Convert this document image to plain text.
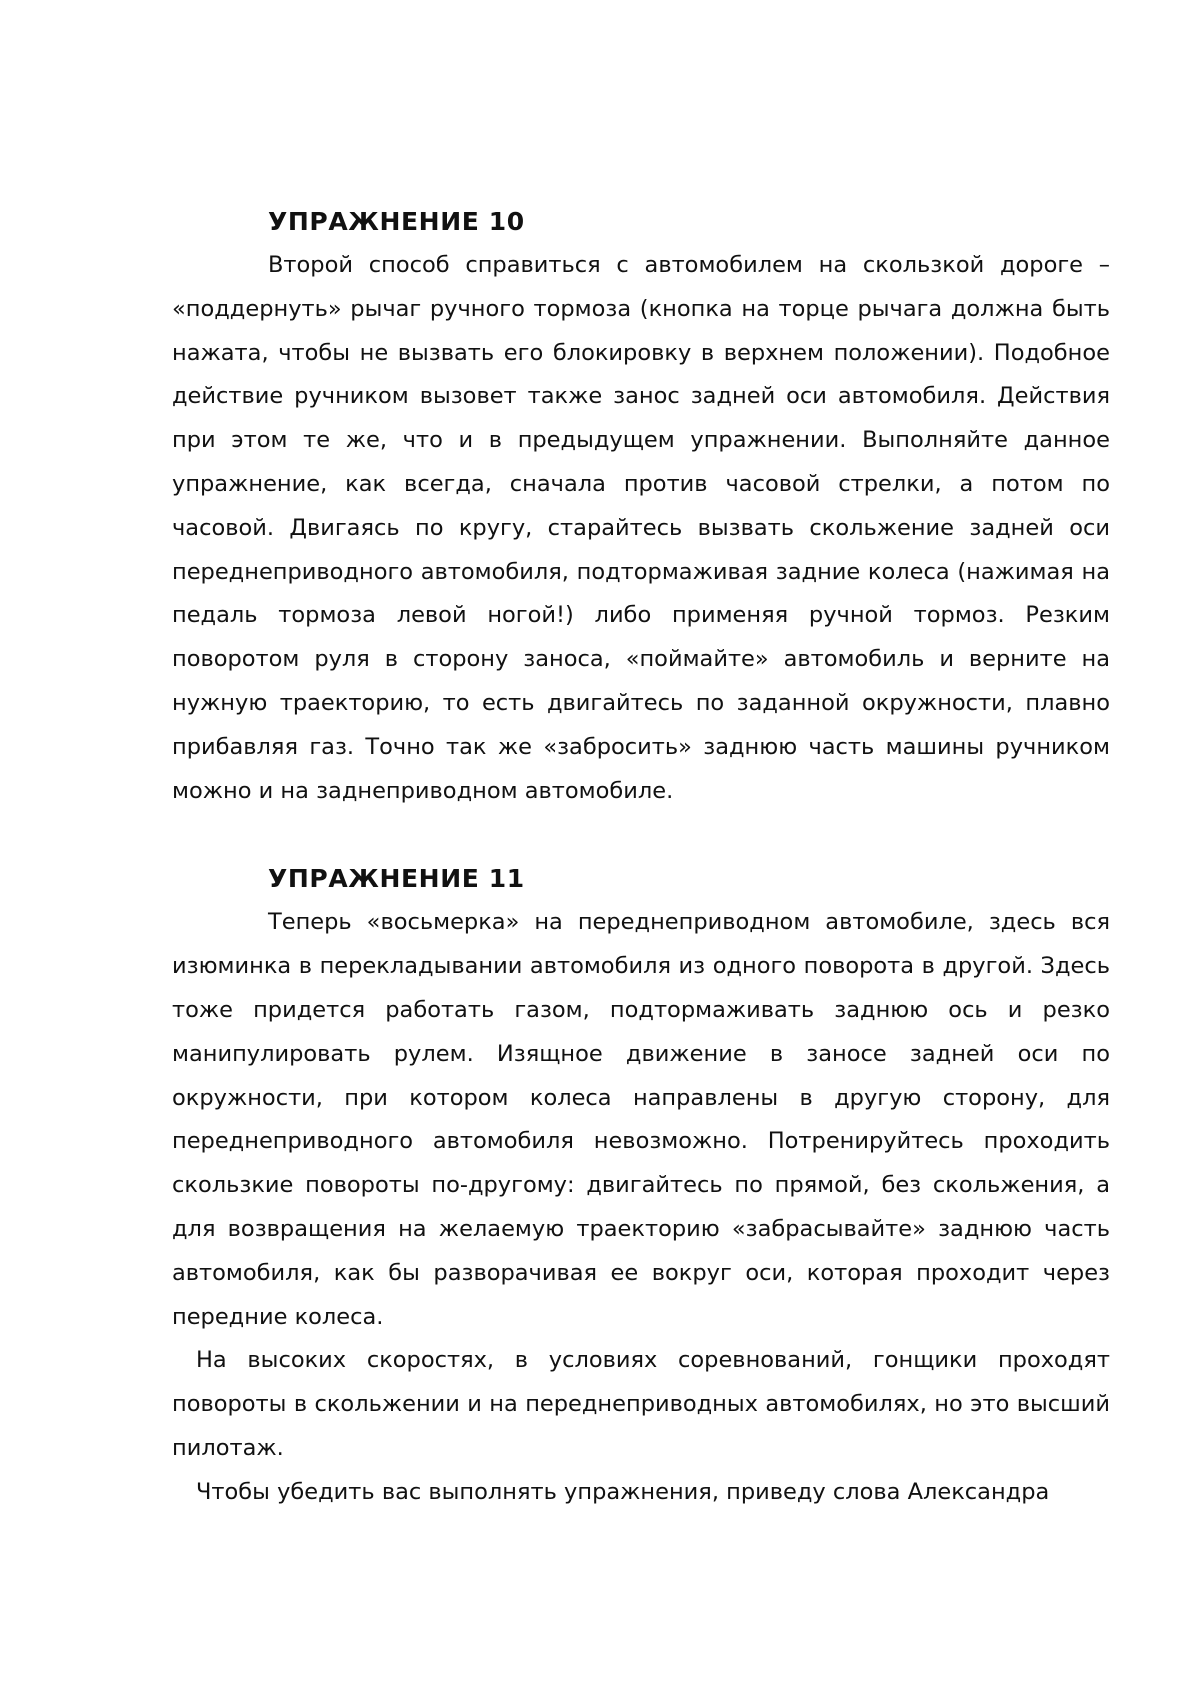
УПРАЖНЕНИЕ 10

Второй способ справиться с автомобилем на скользкой дороге – «поддернуть» рычаг ручного тормоза (кнопка на торце рычага должна быть нажата, чтобы не вызвать его блокировку в верхнем положении). Подобное действие ручником вызовет также занос задней оси автомобиля. Действия при этом те же, что и в предыдущем упражнении. Выполняйте данное упражнение, как всегда, сначала против часовой стрелки, а потом по часовой. Двигаясь по кругу, старайтесь вызвать скольжение задней оси переднеприводного автомобиля, подтормаживая задние колеса (нажимая на педаль тормоза левой ногой!) либо применяя ручной тормоз. Резким поворотом руля в сторону заноса, «поймайте» автомобиль и верните на нужную траекторию, то есть двигайтесь по заданной окружности, плавно прибавляя газ. Точно так же «забросить» заднюю часть машины ручником можно и на заднеприводном автомобиле.

УПРАЖНЕНИЕ 11

Теперь «восьмерка» на переднеприводном автомобиле, здесь вся изюминка в перекладывании автомобиля из одного поворота в другой. Здесь тоже придется работать газом, подтормаживать заднюю ось и резко манипулировать рулем. Изящное движение в заносе задней оси по окружности, при котором колеса направлены в другую сторону, для переднеприводного автомобиля невозможно. Потренируйтесь проходить скользкие повороты по-другому: двигайтесь по прямой, без скольжения, а для возвращения на желаемую траекторию «забрасывайте» заднюю часть автомобиля, как бы разворачивая ее вокруг оси, которая проходит через передние колеса.

На высоких скоростях, в условиях соревнований, гонщики проходят повороты в скольжении и на переднеприводных автомобилях, но это высший пилотаж.

Чтобы убедить вас выполнять упражнения, приведу слова Александра
